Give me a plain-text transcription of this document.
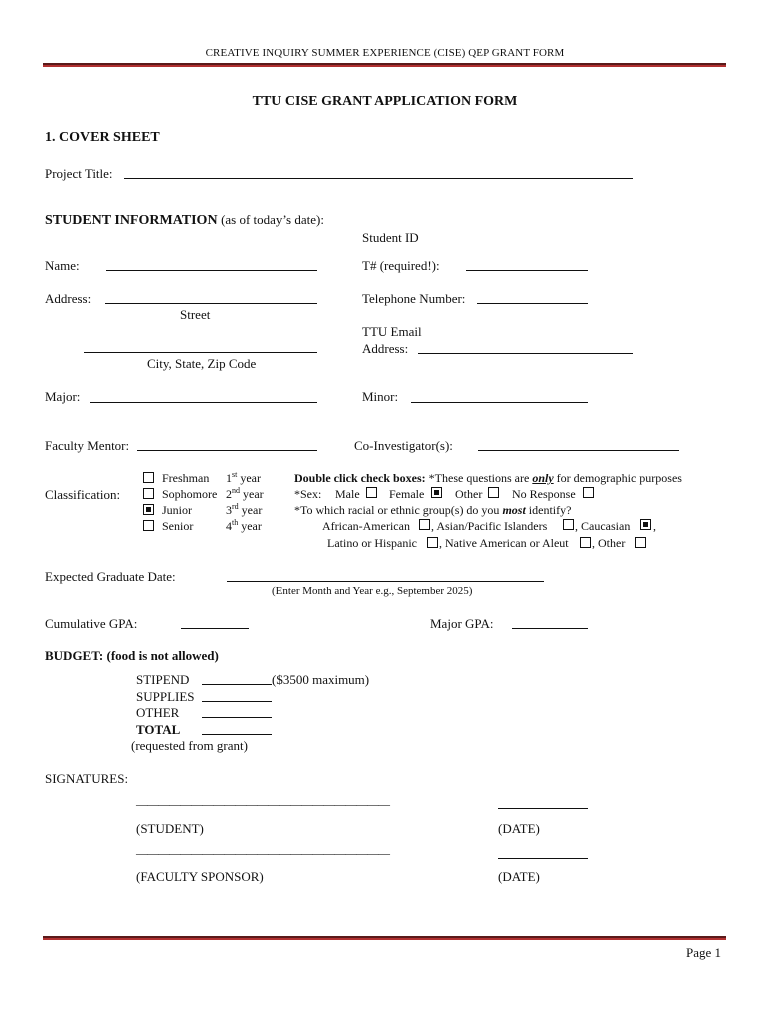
CREATIVE INQUIRY SUMMER EXPERIENCE (CISE) QEP GRANT FORM
TTU CISE GRANT APPLICATION FORM
1. COVER SHEET
Project Title:
STUDENT INFORMATION (as of today’s date):
Student ID
Name:	T# (required!):
Address:
Street
Telephone Number:
TTU Email
Address:
City, State, Zip Code
Major:	Minor:
Faculty Mentor:	Co-Investigator(s):
Classification:
Freshman 1st year
Sophomore 2nd year
Junior	3rd year
Senior	4th year
Double click check boxes: *These questions are only for demographic purposes
*Sex: Male Female	Other No Response
*To which racial or ethnic group(s) do you most identify?
African-American , Asian/Pacific Islanders , Caucasian ,
Latino or Hispanic , Native American or Aleut , Other
Expected Graduate Date:
(Enter Month and Year e.g., September 2025)
Cumulative GPA:	Major GPA:
BUDGET: (food is not allowed)
STIPEND	($3500 maximum)
SUPPLIES
OTHER
TOTAL
(requested from grant)
SIGNATURES:
———————————————————————
(STUDENT)	(DATE)
———————————————————————
(FACULTY SPONSOR)	(DATE)
Page 1
